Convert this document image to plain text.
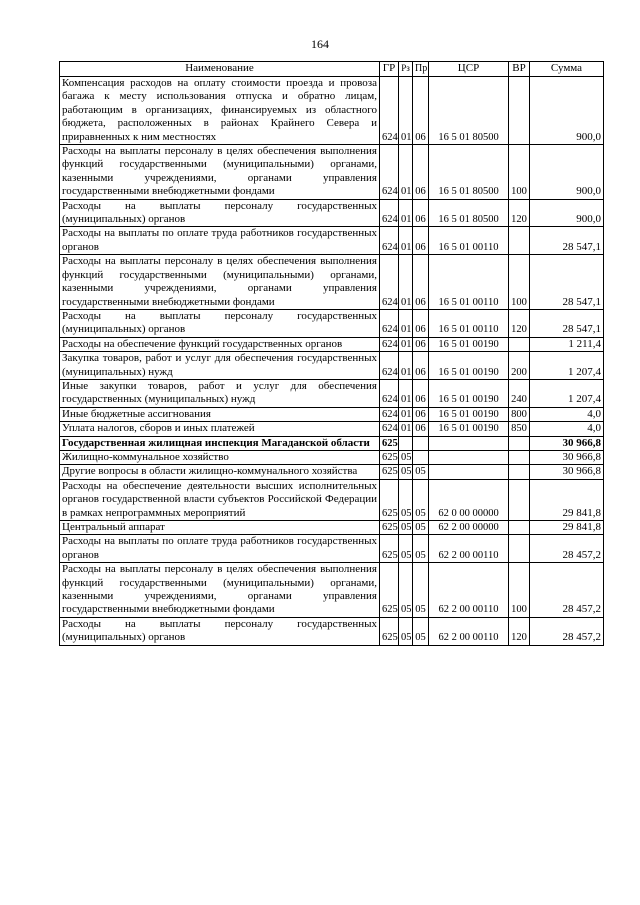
164
Наименование	ГР	Рз	Пр	ЦСР	ВР	Сумма
Компенсация расходов на оплату стоимости проезда и провоза багажа к месту использования отпуска и обратно лицам, работающим в организациях, финансируемых из областного бюджета, расположенных в районах Крайнего Севера и приравненных к ним местностях	624	01	06	16 5 01 80500		900,0
Расходы на выплаты персоналу в целях обеспечения выполнения функций государственными (муниципальными) органами, казенными учреждениями, органами управления государственными внебюджетными фондами	624	01	06	16 5 01 80500	100	900,0
Расходы на выплаты персоналу государственных (муниципальных) органов	624	01	06	16 5 01 80500	120	900,0
Расходы на выплаты по оплате труда работников государственных органов	624	01	06	16 5 01 00110		28 547,1
Расходы на выплаты персоналу в целях обеспечения выполнения функций государственными (муниципальными) органами, казенными учреждениями, органами управления государственными внебюджетными фондами	624	01	06	16 5 01 00110	100	28 547,1
Расходы на выплаты персоналу государственных (муниципальных) органов	624	01	06	16 5 01 00110	120	28 547,1
Расходы на обеспечение функций государственных органов	624	01	06	16 5 01 00190		1 211,4
Закупка товаров, работ и услуг для обеспечения государственных (муниципальных) нужд	624	01	06	16 5 01 00190	200	1 207,4
Иные закупки товаров, работ и услуг для обеспечения государственных (муниципальных) нужд	624	01	06	16 5 01 00190	240	1 207,4
Иные бюджетные ассигнования	624	01	06	16 5 01 00190	800	4,0
Уплата налогов, сборов и иных платежей	624	01	06	16 5 01 00190	850	4,0
Государственная жилищная инспекция Магаданской области	625					30 966,8
Жилищно-коммунальное хозяйство	625	05				30 966,8
Другие вопросы в области жилищно-коммунального хозяйства	625	05	05			30 966,8
Расходы на обеспечение деятельности высших исполнительных органов государственной власти субъектов Российской Федерации в рамках непрограммных мероприятий	625	05	05	62 0 00 00000		29 841,8
Центральный аппарат	625	05	05	62 2 00 00000		29 841,8
Расходы на выплаты по оплате труда работников государственных органов	625	05	05	62 2 00 00110		28 457,2
Расходы на выплаты персоналу в целях обеспечения выполнения функций государственными (муниципальными) органами, казенными учреждениями, органами управления государственными внебюджетными фондами	625	05	05	62 2 00 00110	100	28 457,2
Расходы на выплаты персоналу государственных (муниципальных) органов	625	05	05	62 2 00 00110	120	28 457,2
